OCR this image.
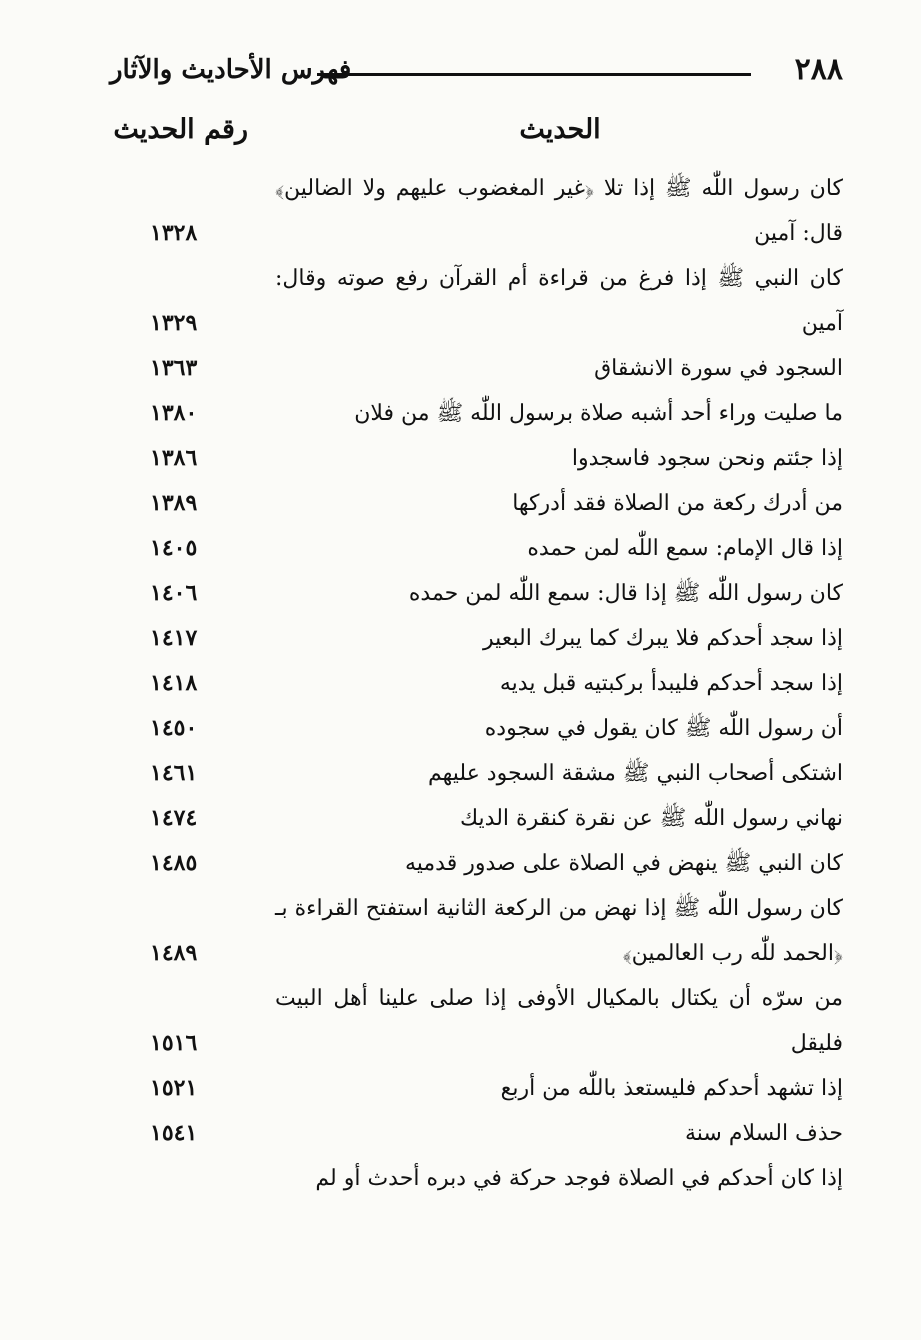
٢٨٨
فهرس الأحاديث والآثار
الحديث
رقم الحديث
كان رسول اللّٰه ﷺ إذا تلا ﴿غير المغضوب عليهم ولا الضالين﴾ قال: آمين
١٣٢٨
كان النبي ﷺ إذا فرغ من قراءة أم القرآن رفع صوته وقال: آمين
١٣٢٩
السجود في سورة الانشقاق
١٣٦٣
ما صليت وراء أحد أشبه صلاة برسول اللّٰه ﷺ من فلان
١٣٨٠
إذا جئتم ونحن سجود فاسجدوا
١٣٨٦
من أدرك ركعة من الصلاة فقد أدركها
١٣٨٩
إذا قال الإمام: سمع اللّٰه لمن حمده
١٤٠٥
كان رسول اللّٰه ﷺ إذا قال: سمع اللّٰه لمن حمده
١٤٠٦
إذا سجد أحدكم فلا يبرك كما يبرك البعير
١٤١٧
إذا سجد أحدكم فليبدأ بركبتيه قبل يديه
١٤١٨
أن رسول اللّٰه ﷺ كان يقول في سجوده
١٤٥٠
اشتكى أصحاب النبي ﷺ مشقة السجود عليهم
١٤٦١
نهاني رسول اللّٰه ﷺ عن نقرة كنقرة الديك
١٤٧٤
كان النبي ﷺ ينهض في الصلاة على صدور قدميه
١٤٨٥
كان رسول اللّٰه ﷺ إذا نهض من الركعة الثانية استفتح القراءة بـ ﴿الحمد للّٰه رب العالمين﴾
١٤٨٩
من سرّه أن يكتال بالمكيال الأوفى إذا صلى علينا أهل البيت فليقل
١٥١٦
إذا تشهد أحدكم فليستعذ باللّٰه من أربع
١٥٢١
حذف السلام سنة
١٥٤١
إذا كان أحدكم في الصلاة فوجد حركة في دبره أحدث أو لم
